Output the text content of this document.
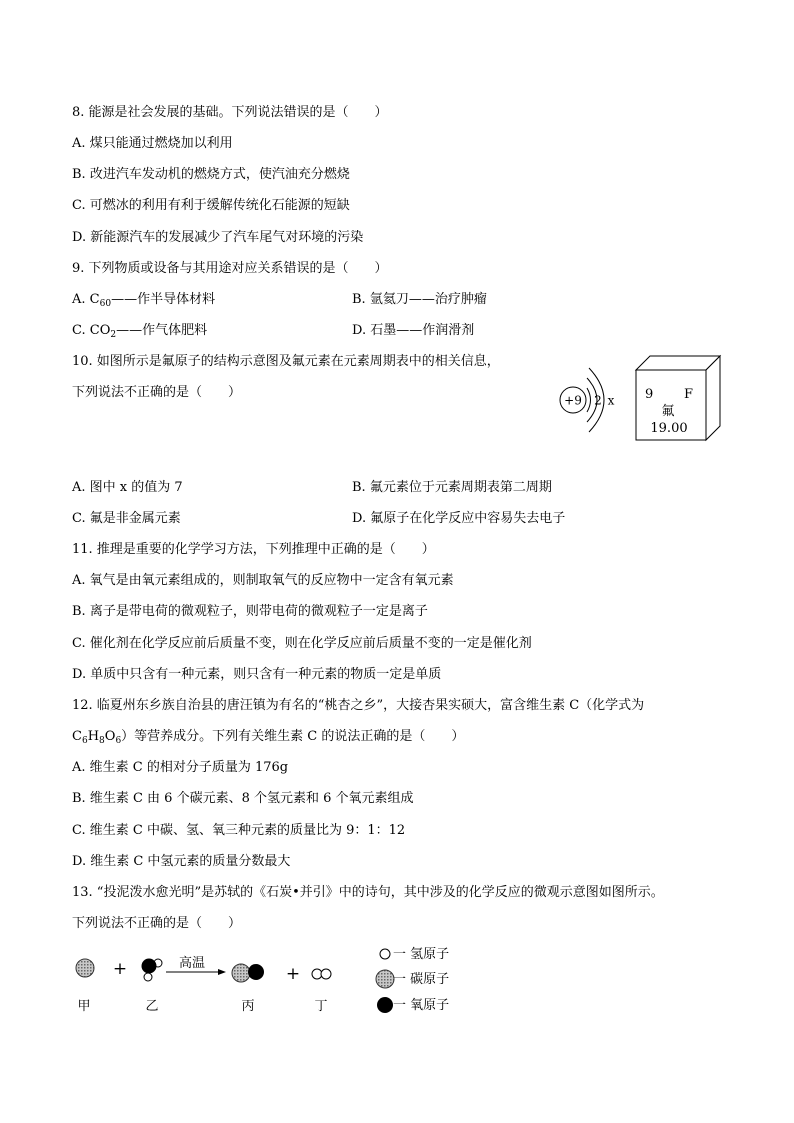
8. 能源是社会发展的基础。下列说法错误的是（　　）
A. 煤只能通过燃烧加以利用
B. 改进汽车发动机的燃烧方式，使汽油充分燃烧
C. 可燃冰的利用有利于缓解传统化石能源的短缺
D. 新能源汽车的发展减少了汽车尾气对环境的污染
9. 下列物质或设备与其用途对应关系错误的是（　　）
A. $C_{60}——$作半导体材料	B. 氩氦刀——治疗肿瘤
C. $CO_2——$作气体肥料	D. 石墨——作润滑剂
10. 如图所示是氟原子的结构示意图及氟元素在元素周期表中的相关信息，
下列说法不正确的是（　　）
+9 2 x 9 F
氟
19.00
A. 图中 x 的值为 7	B. 氟元素位于元素周期表第二周期
C. 氟是非金属元素	D. 氟原子在化学反应中容易失去电子
11. 推理是重要的化学学习方法，下列推理中正确的是（　　）
A. 氧气是由氧元素组成的，则制取氧气的反应物中一定含有氧元素
B. 离子是带电荷的微观粒子，则带电荷的微观粒子一定是离子
C. 催化剂在化学反应前后质量不变，则在化学反应前后质量不变的一定是催化剂
D. 单质中只含有一种元素，则只含有一种元素的物质一定是单质
12. 临夏州东乡族自治县的唐汪镇为有名的“桃杏之乡”，大接杏果实硕大，富含维生素 C（化学式为
$C_6H_8O_6$）等营养成分。下列有关维生素 C 的说法正确的是（　　）
A. 维生素 C 的相对分子质量为 176g
B. 维生素 C 由 6 个碳元素、8 个氢元素和 6 个氧元素组成
C. 维生素 C 中碳、氢、氧三种元素的质量比为 9：1：12
D. 维生素 C 中氢元素的质量分数最大
13. “投泥泼水愈光明”是苏轼的《石炭•并引》中的诗句，其中涉及的化学反应的微观示意图如图所示。
下列说法不正确的是（　　）
+	高温
+
甲	乙	丙	丁
一 氢原子
一 碳原子
一 氧原子
